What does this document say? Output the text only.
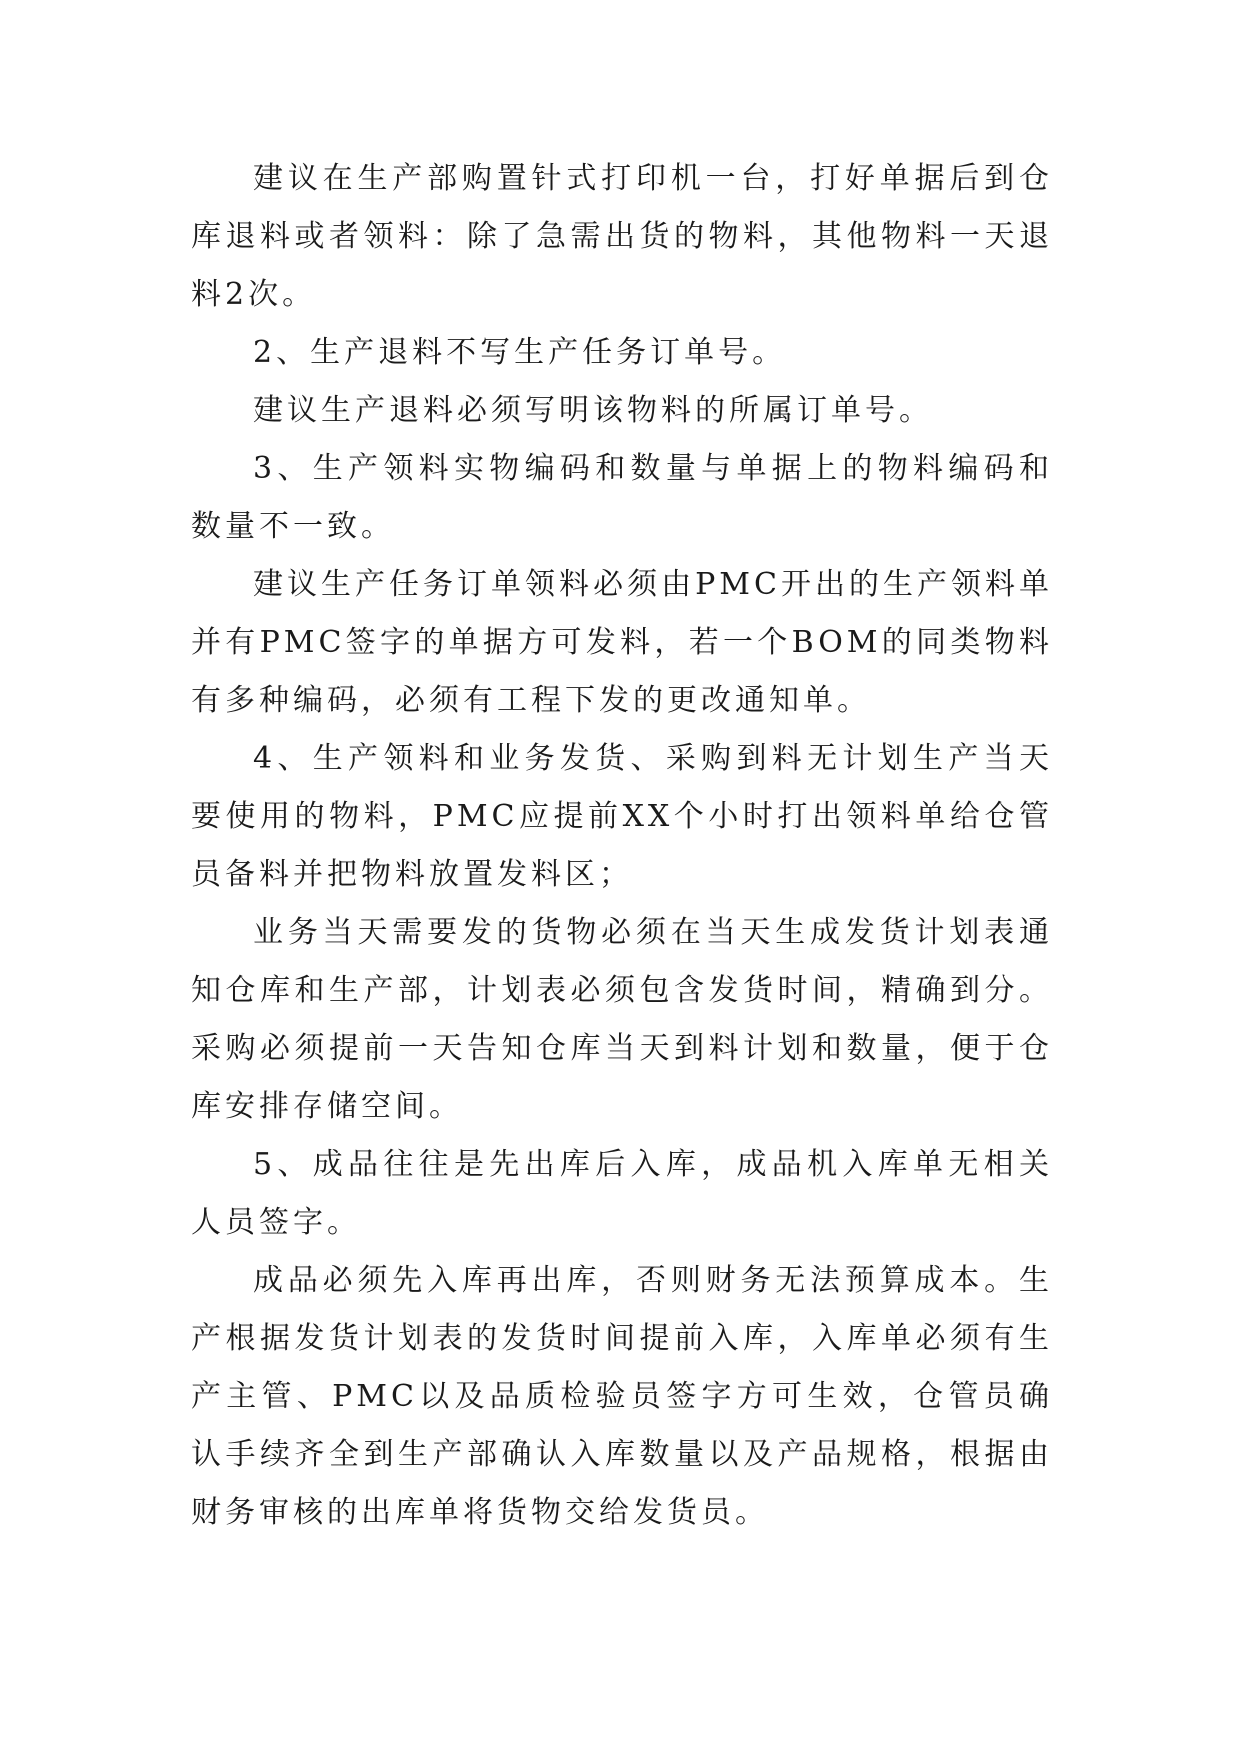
建议在生产部购置针式打印机一台，打好单据后到仓库退料或者领料：除了急需出货的物料，其他物料一天退料2次。

2、生产退料不写生产任务订单号。

建议生产退料必须写明该物料的所属订单号。

3、生产领料实物编码和数量与单据上的物料编码和数量不一致。

建议生产任务订单领料必须由PMC开出的生产领料单并有PMC签字的单据方可发料，若一个BOM的同类物料有多种编码，必须有工程下发的更改通知单。

4、生产领料和业务发货、采购到料无计划生产当天要使用的物料，PMC应提前XX个小时打出领料单给仓管员备料并把物料放置发料区；

业务当天需要发的货物必须在当天生成发货计划表通知仓库和生产部，计划表必须包含发货时间，精确到分。采购必须提前一天告知仓库当天到料计划和数量，便于仓库安排存储空间。

5、成品往往是先出库后入库，成品机入库单无相关人员签字。

成品必须先入库再出库，否则财务无法预算成本。生产根据发货计划表的发货时间提前入库，入库单必须有生产主管、PMC以及品质检验员签字方可生效，仓管员确认手续齐全到生产部确认入库数量以及产品规格，根据由财务审核的出库单将货物交给发货员。
